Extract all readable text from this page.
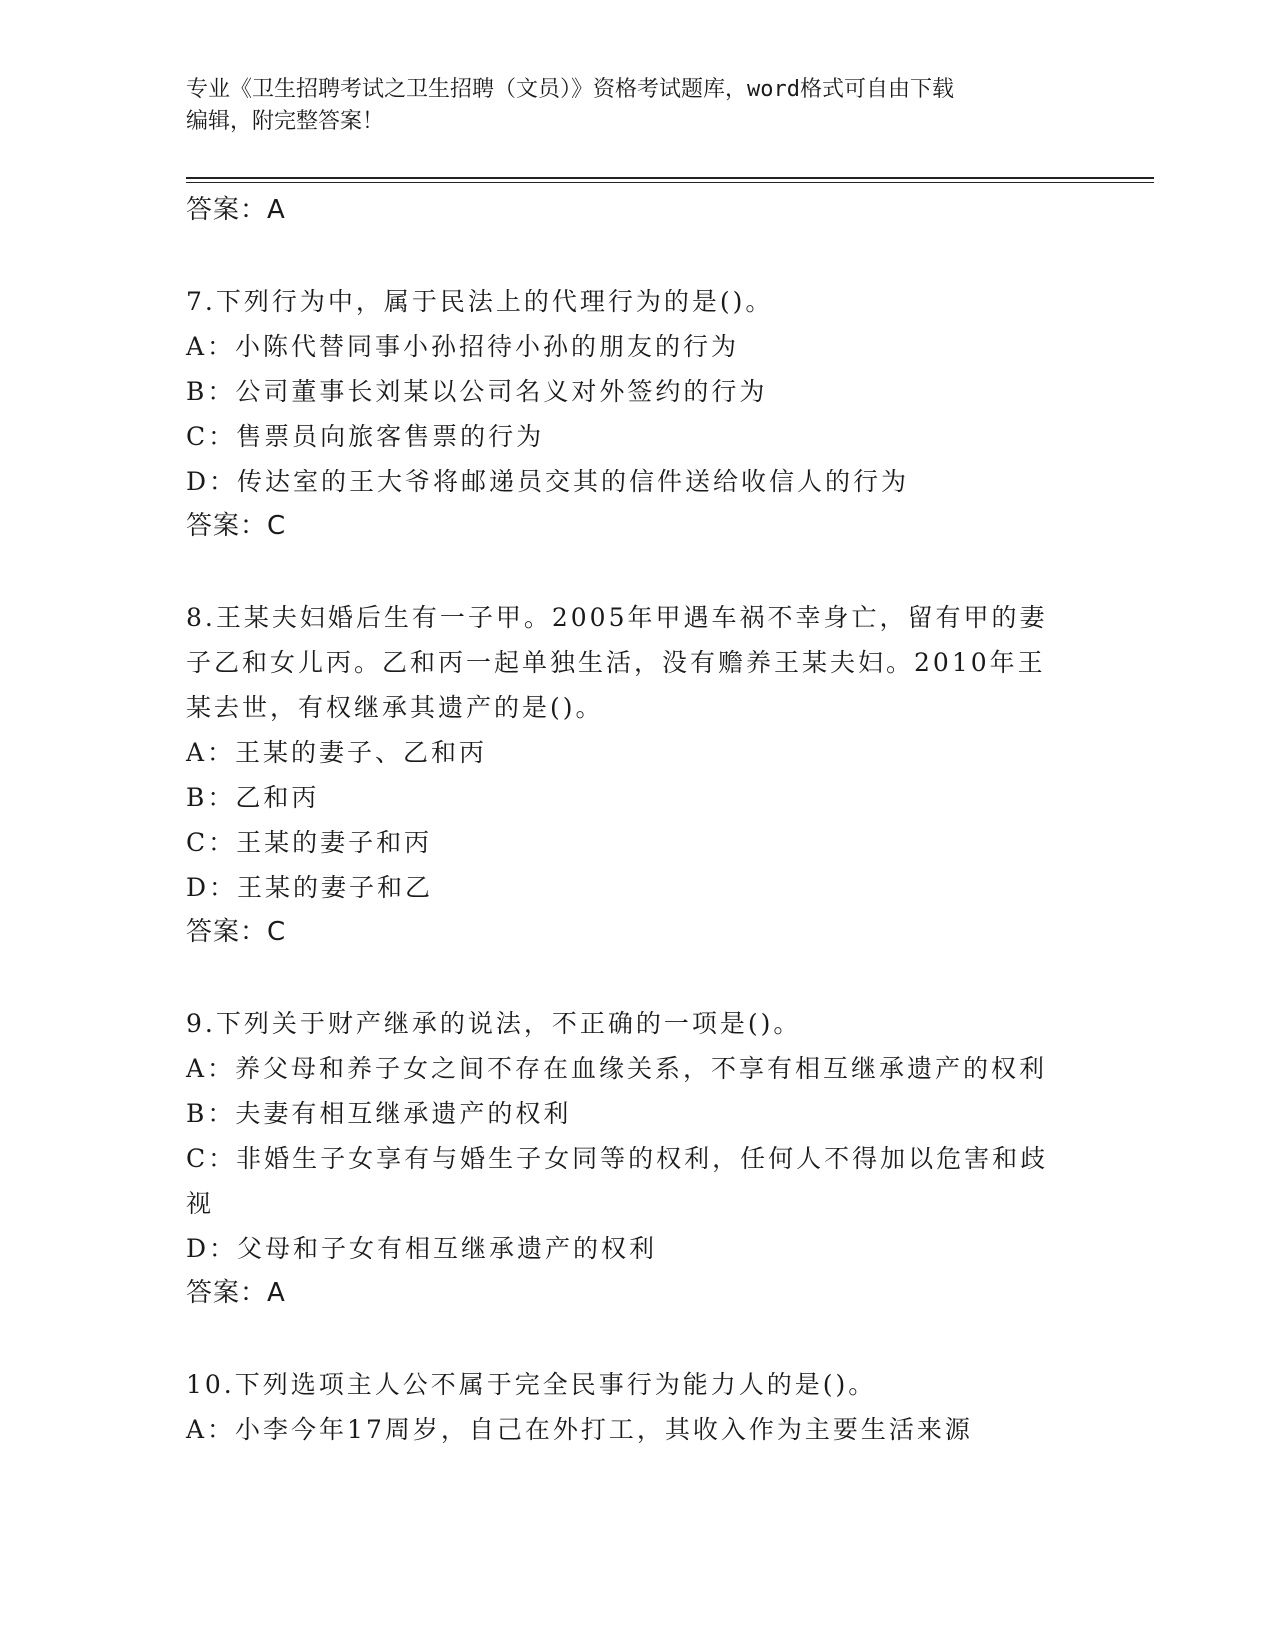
专业《卫生招聘考试之卫生招聘（文员）》资格考试题库，word格式可自由下载
编辑，附完整答案！
答案：A
7.下列行为中，属于民法上的代理行为的是()。
A：小陈代替同事小孙招待小孙的朋友的行为
B：公司董事长刘某以公司名义对外签约的行为
C：售票员向旅客售票的行为
D：传达室的王大爷将邮递员交其的信件送给收信人的行为
答案：C
8.王某夫妇婚后生有一子甲。2005年甲遇车祸不幸身亡，留有甲的妻
子乙和女儿丙。乙和丙一起单独生活，没有赡养王某夫妇。2010年王
某去世，有权继承其遗产的是()。
A：王某的妻子、乙和丙
B：乙和丙
C：王某的妻子和丙
D：王某的妻子和乙
答案：C
9.下列关于财产继承的说法，不正确的一项是()。
A：养父母和养子女之间不存在血缘关系，不享有相互继承遗产的权利
B：夫妻有相互继承遗产的权利
C：非婚生子女享有与婚生子女同等的权利，任何人不得加以危害和歧
视
D：父母和子女有相互继承遗产的权利
答案：A
10.下列选项主人公不属于完全民事行为能力人的是()。
A：小李今年17周岁，自己在外打工，其收入作为主要生活来源
